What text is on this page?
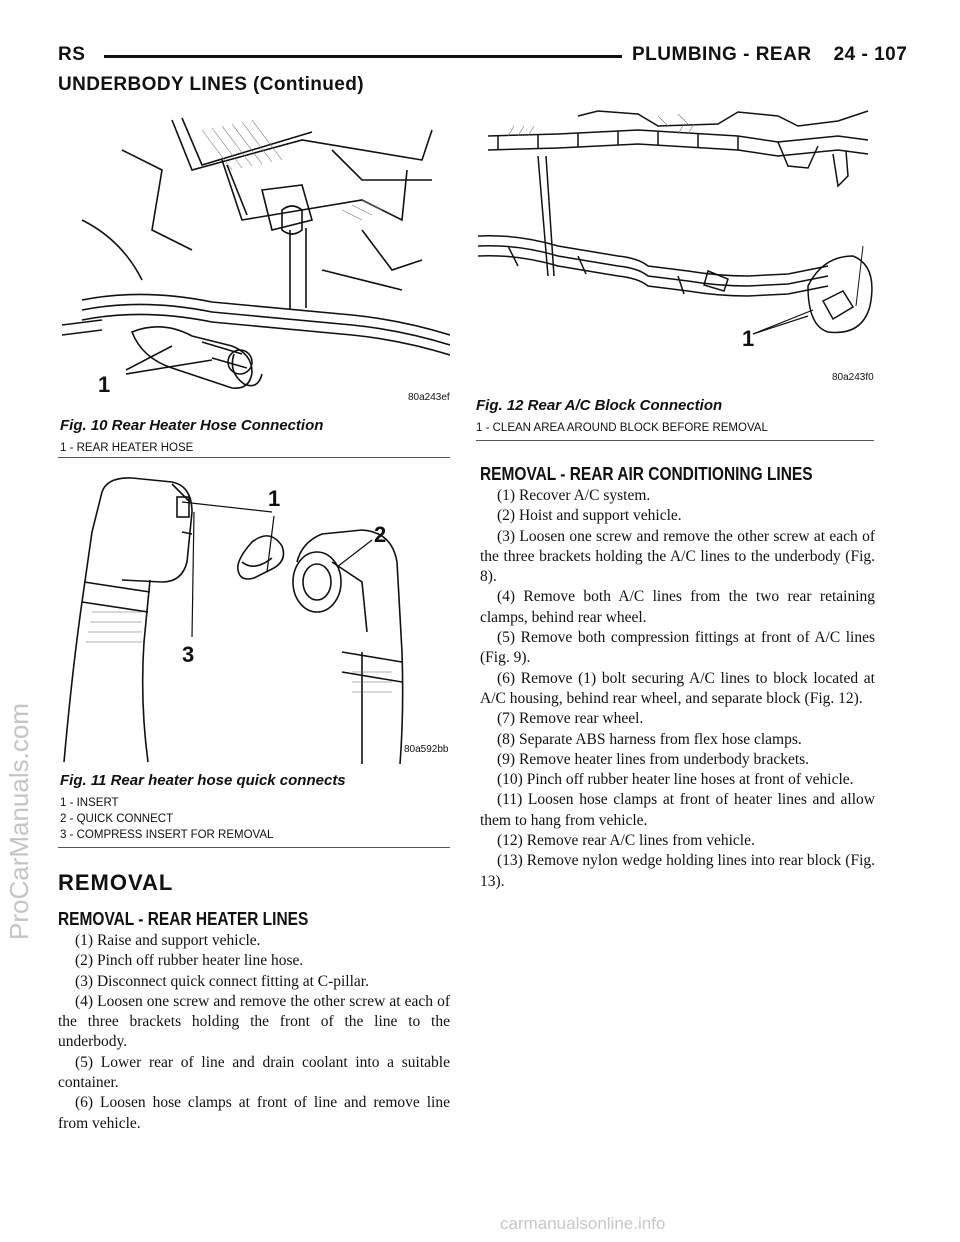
RS	PLUMBING - REAR 24 - 107
UNDERBODY LINES (Continued)
1
80a243ef
Fig. 10 Rear Heater Hose Connection
1 - REAR HEATER HOSE
1
2
3
80a592bb
Fig. 11 Rear heater hose quick connects
1 - INSERT
2 - QUICK CONNECT
3 - COMPRESS INSERT FOR REMOVAL
1
80a243f0
Fig. 12 Rear A/C Block Connection
1 - CLEAN AREA AROUND BLOCK BEFORE REMOVAL
REMOVAL
REMOVAL - REAR HEATER LINES

(1) Raise and support vehicle.

(2) Pinch off rubber heater line hose.

(3) Disconnect quick connect fitting at C-pillar.

(4) Loosen one screw and remove the other screw at each of the three brackets holding the front of the line to the underbody.

(5) Lower rear of line and drain coolant into a suitable container.

(6) Loosen hose clamps at front of line and remove line from vehicle.

REMOVAL - REAR AIR CONDITIONING LINES

(1) Recover A/C system.

(2) Hoist and support vehicle.

(3) Loosen one screw and remove the other screw at each of the three brackets holding the A/C lines to the underbody (Fig. 8).

(4) Remove both A/C lines from the two rear retaining clamps, behind rear wheel.

(5) Remove both compression fittings at front of A/C lines (Fig. 9).

(6) Remove (1) bolt securing A/C lines to block located at A/C housing, behind rear wheel, and separate block (Fig. 12).

(7) Remove rear wheel.

(8) Separate ABS harness from flex hose clamps.

(9) Remove heater lines from underbody brackets.

(10) Pinch off rubber heater line hoses at front of vehicle.

(11) Loosen hose clamps at front of heater lines and allow them to hang from vehicle.

(12) Remove rear A/C lines from vehicle.

(13) Remove nylon wedge holding lines into rear block (Fig. 13).

ProCarManuals.com
carmanualsonline.info
